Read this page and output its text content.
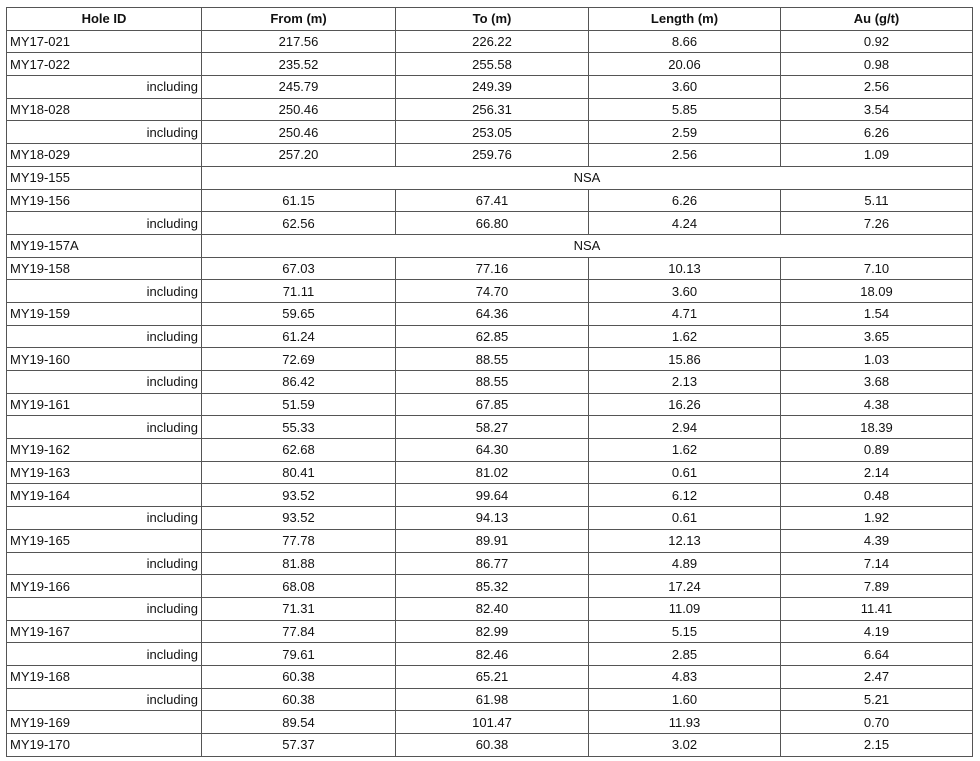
Hole ID	From (m)	To (m)	Length (m)	Au (g/t)
MY17-021	217.56	226.22	8.66	0.92
MY17-022	235.52	255.58	20.06	0.98
including	245.79	249.39	3.60	2.56
MY18-028	250.46	256.31	5.85	3.54
including	250.46	253.05	2.59	6.26
MY18-029	257.20	259.76	2.56	1.09
MY19-155	NSA			
MY19-156	61.15	67.41	6.26	5.11
including	62.56	66.80	4.24	7.26
MY19-157A	NSA			
MY19-158	67.03	77.16	10.13	7.10
including	71.11	74.70	3.60	18.09
MY19-159	59.65	64.36	4.71	1.54
including	61.24	62.85	1.62	3.65
MY19-160	72.69	88.55	15.86	1.03
including	86.42	88.55	2.13	3.68
MY19-161	51.59	67.85	16.26	4.38
including	55.33	58.27	2.94	18.39
MY19-162	62.68	64.30	1.62	0.89
MY19-163	80.41	81.02	0.61	2.14
MY19-164	93.52	99.64	6.12	0.48
including	93.52	94.13	0.61	1.92
MY19-165	77.78	89.91	12.13	4.39
including	81.88	86.77	4.89	7.14
MY19-166	68.08	85.32	17.24	7.89
including	71.31	82.40	11.09	11.41
MY19-167	77.84	82.99	5.15	4.19
including	79.61	82.46	2.85	6.64
MY19-168	60.38	65.21	4.83	2.47
including	60.38	61.98	1.60	5.21
MY19-169	89.54	101.47	11.93	0.70
MY19-170	57.37	60.38	3.02	2.15
